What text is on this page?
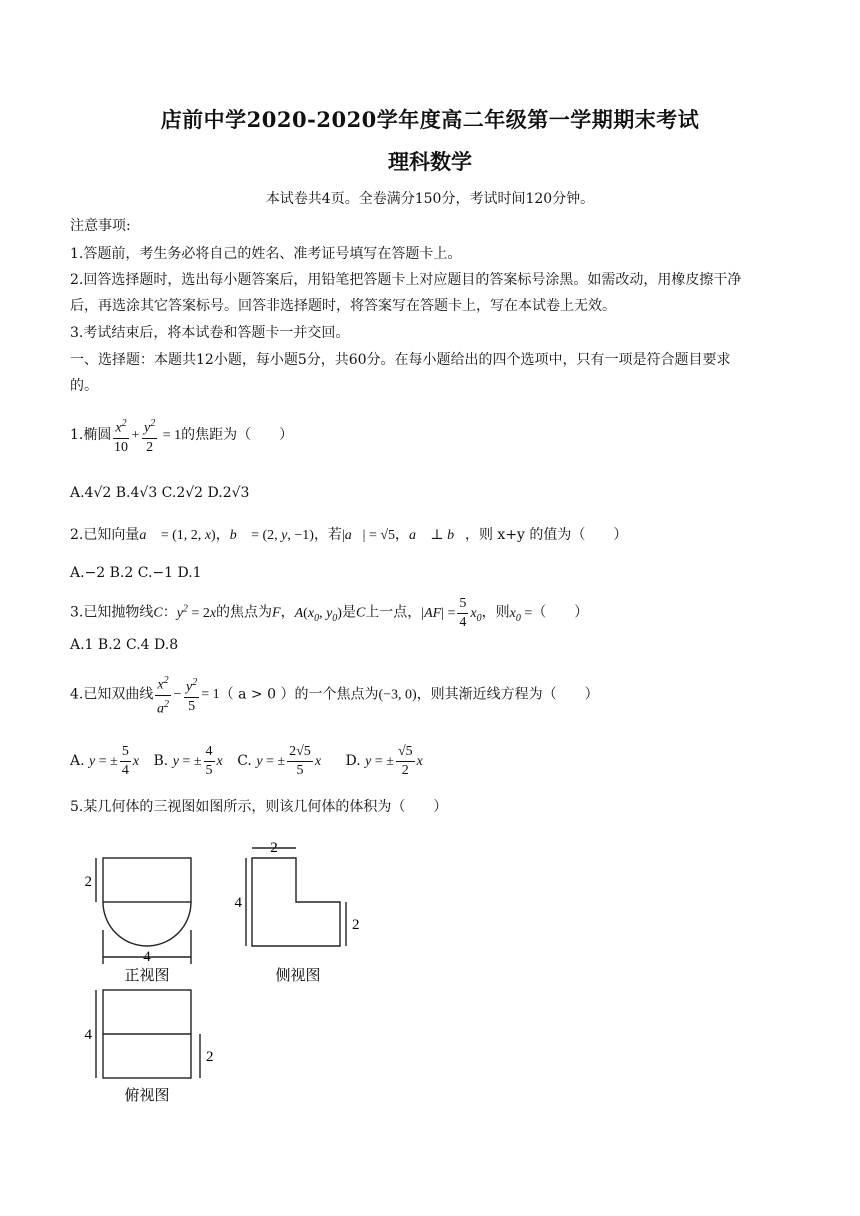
店前中学2020-2020学年度高二年级第一学期期末考试
理科数学
本试卷共4页。全卷满分150分，考试时间120分钟。
注意事项:
1.答题前，考生务必将自己的姓名、准考证号填写在答题卡上。
2.回答选择题时，选出每小题答案后，用铅笔把答题卡上对应题目的答案标号涂黑。如需改动，用橡皮擦干净
后，再选涂其它答案标号。回答非选择题时，将答案写在答题卡上，写在本试卷上无效。
3.考试结束后，将本试卷和答题卡一并交回。
一、选择题：本题共12小题，每小题5分，共60分。在每小题给出的四个选项中，只有一项是符合题目要求
的。
1.椭圆 $\frac{x^2}{10} + \frac{y^2}{2} = 1$的焦距为（　　）
A.4√2 B.4√3 C.2√2 D.2√3
2.已知向量a⃗ = (1, 2, x)，b⃗ = (2, y, −1)，若|a⃗| = √5，a⃗ ⊥ b⃗，则 x+y 的值为（　　）
A.−2 B.2 C.−1 D.1
3.已知抛物线C：$y^2 = 2x$的焦点为F，$A(x_0$, $y_0$)是C上一点，$|AF| = \frac{5}{4} x_0$，则$x_0$ =（　　）
A.1 B.2 C.4 D.8
4.已知双曲线 $\frac{x^2}{a^2} - \frac{y^2}{5} = 1$（ a > 0 ）的一个焦点为(−3, 0)，则其渐近线方程为（　　）
A. y = ± $\frac{5}{4}$ x B. y = ± $\frac{4}{5}$ x C. y = ± $\frac{2√5}{5}$ x D. y = ± $\frac{√5}{2}$ x
5.某几何体的三视图如图所示，则该几何体的体积为（　　）
2
4
正视图
2
4
2
侧视图
4
2
俯视图
